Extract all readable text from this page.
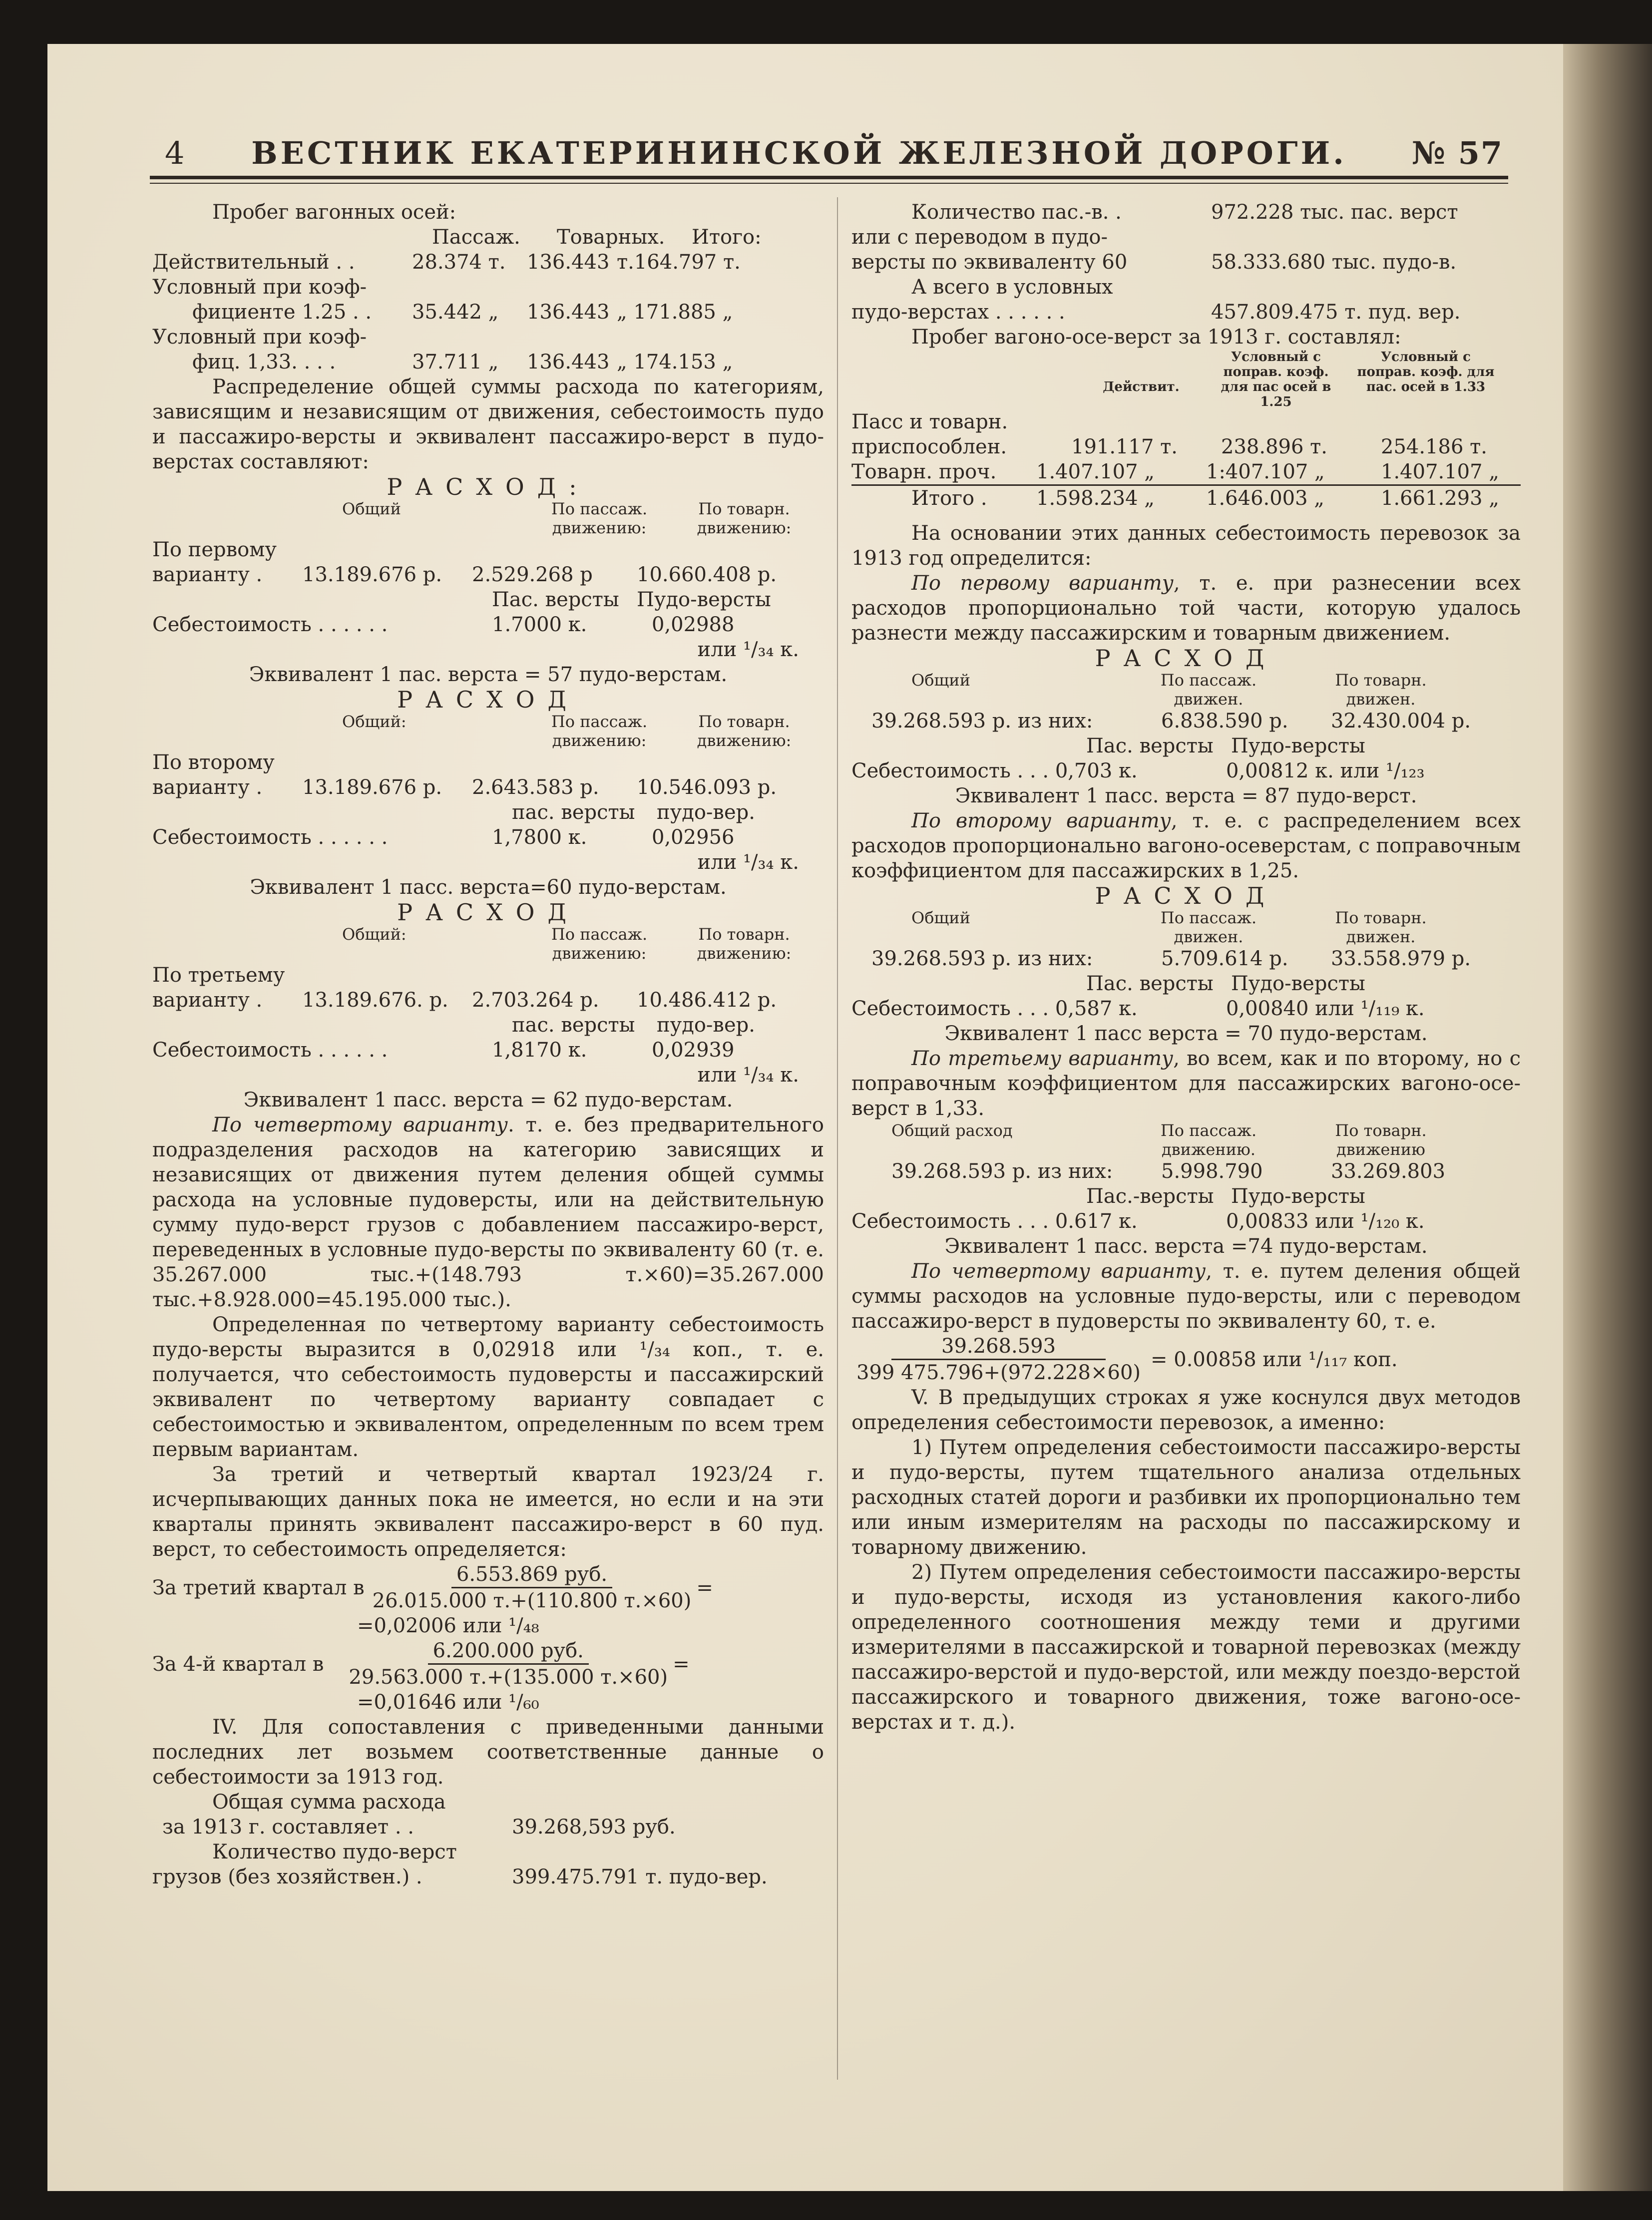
4	ВЕСТНИК ЕКАТЕРИНИНСКОЙ ЖЕЛЕЗНОЙ ДОРОГИ.	№ 57

Пробег вагонных осей:

Пассаж.	Товарных.	Итого:
Действительный . .	28.374 т.	136.443 т.164.797 т.
Условный при коэф-
фициенте 1.25 . .	35.442 „	136.443 „ 171.885 „
Условный при коэф-
фиц. 1,33. . . .	37.711 „	136.443 „ 174.153 „

Распределение общей суммы расхода по категориям, зависящим и независящим от движения, себестоимость пудо и пассажиро-версты и эквивалент пассажиро-верст в пудо-верстах составляют:

РАСХОД:
Общий	По пассаж. движению:
По товарн. движению:
По первому
варианту .	13.189.676 р.	2.529.268 р	10.660.408 р.
Пас. версты Пудо-версты
Себестоимость . . . . . .	1.7000 к.	0,02988
или ¹/₃₄ к.
Эквивалент 1 пас. верста = 57 пудо-верстам.
РАСХОД
Общий:	По пассаж. движению:
По товарн. движению:
По второму
варианту .	13.189.676 р.	2.643.583 р.	10.546.093 р.
пас. версты	пудо-вер.
Себестоимость . . . . . .	1,7800 к.	0,02956
или ¹/₃₄ к.
Эквивалент 1 пасс. верста=60 пудо-верстам.
РАСХОД
Общий:	По пассаж. движению:
По товарн. движению:
По третьему
варианту .	13.189.676. р.	2.703.264 р.	10.486.412 р.
пас. версты	пудо-вер.
Себестоимость . . . . . .	1,8170 к.	0,02939
или ¹/₃₄ к.
Эквивалент 1 пасс. верста = 62 пудо-верстам.

По четвертому варианту. т. е. без предварительного подразделения расходов на категорию зависящих и независящих от движения путем деления общей суммы расхода на условные пудоверсты, или на действительную сумму пудо-верст грузов с добавлением пассажиро-верст, переведенных в условные пудо-версты по эквиваленту 60 (т. е. 35.267.000 тыс.+(148.793 т.×60)=35.267.000 тыс.+8.928.000=45.195.000 тыс.).

Определенная по четвертому варианту себестоимость пудо-версты выразится в 0,02918 или ¹/₃₄ коп., т. е. получается, что себестоимость пудоверсты и пассажирский эквивалент по четвертому варианту совпадает с себестоимостью и эквивалентом, определенным по всем трем первым вариантам.

За третий и четвертый квартал 1923/24 г. исчерпывающих данных пока не имеется, но если и на эти кварталы принять эквивалент пассажиро-верст в 60 пуд. верст, то себестоимость определяется:

За третий квартал в $\frac{\text{6.553.869 руб.}}{26.015.000 т.+(110.800 т.\times 60)}$ =
=0,02006 или ¹/₄₈
За 4-й квартал в $\frac{\text{6.200.000 руб.}}{29.563.000 т.+(135.000 т.\times 60)}$ =
=0,01646 или ¹/₆₀

IV. Для сопоставления с приведенными данными последних лет возьмем соответственные данные о себестоимости за 1913 год.

Общая сумма расхода

за 1913 г. составляет . .	39.268,593 руб.

Количество пудо-верст

грузов (без хозяйствен.) .	399.475.791 т. пудо-вер.
Количество пас.-в. .	972.228 тыс. пас. верст
или с переводом в пудо-
версты по эквиваленту 60	58.333.680 тыс. пудо-в.
А всего в условных
пудо-верстах . . . . . .	457.809.475 т. пуд. вер.

Пробег вагоно-осе-верст за 1913 г. составлял:

Действит.
Условный с поправ. коэф. для пас осей в 1.25
Условный с поправ. коэф. для пас. осей в 1.33
Пасс и товарн.
приспособлен.	191.117 т.	238.896 т.	254.186 т.
Товарн. проч.	1.407.107 „	1:407.107 „	1.407.107 „
Итого .	1.598.234 „	1.646.003 „	1.661.293 „

На основании этих данных себестоимость перевозок за 1913 год определится:

По первому варианту, т. е. при разнесении всех расходов пропорционально той части, которую удалось разнести между пассажирским и товарным движением.

РАСХОД
Общий	По пассаж. движен.
По товарн. движен.
39.268.593 р. из них:	6.838.590 р.	32.430.004 р.
Пас. версты Пудо-версты
Себестоимость . . . 0,703 к.	0,00812 к. или ¹/₁₂₃
Эквивалент 1 пасс. верста = 87 пудо-верст.

По второму варианту, т. е. с распределением всех расходов пропорционально вагоно-осеверстам, с поправочным коэффициентом для пассажирских в 1,25.

РАСХОД
Общий	По пассаж. движен.
По товарн. движен.
39.268.593 р. из них:	5.709.614 р.	33.558.979 р.
Пас. версты Пудо-версты
Себестоимость . . . 0,587 к.	0,00840 или ¹/₁₁₉ к.
Эквивалент 1 пасс верста = 70 пудо-верстам.

По третьему варианту, во всем, как и по второму, но с поправочным коэффициентом для пассажирских вагоно-осе-верст в 1,33.

Общий расход	По пассаж. движению.
По товарн. движению
39.268.593 р. из них:	5.998.790	33.269.803
Пас.-версты Пудо-версты
Себестоимость . . . 0.617 к.	0,00833 или ¹/₁₂₀ к.
Эквивалент 1 пасс. верста =74 пудо-верстам.

По четвертому варианту, т. е. путем деления общей суммы расходов на условные пудо-версты, или с переводом пассажиро-верст в пудоверсты по эквиваленту 60, т. е.

$\frac{39.268.593}{399 475.796+(972.228\times 60)} = 0.00858$ или ¹/₁₁₇ коп.

V. В предыдущих строках я уже коснулся двух методов определения себестоимости перевозок, а именно:

1) Путем определения себестоимости пассажиро-версты и пудо-версты, путем тщательного анализа отдельных расходных статей дороги и разбивки их пропорционально тем или иным измерителям на расходы по пассажирскому и товарному движению.

2) Путем определения себестоимости пассажиро-версты и пудо-версты, исходя из установления какого-либо определенного соотношения между теми и другими измерителями в пассажирской и товарной перевозках (между пассажиро-верстой и пудо-верстой, или между поездо-верстой пассажирского и товарного движения, тоже вагоно-осе-верстах и т. д.).
